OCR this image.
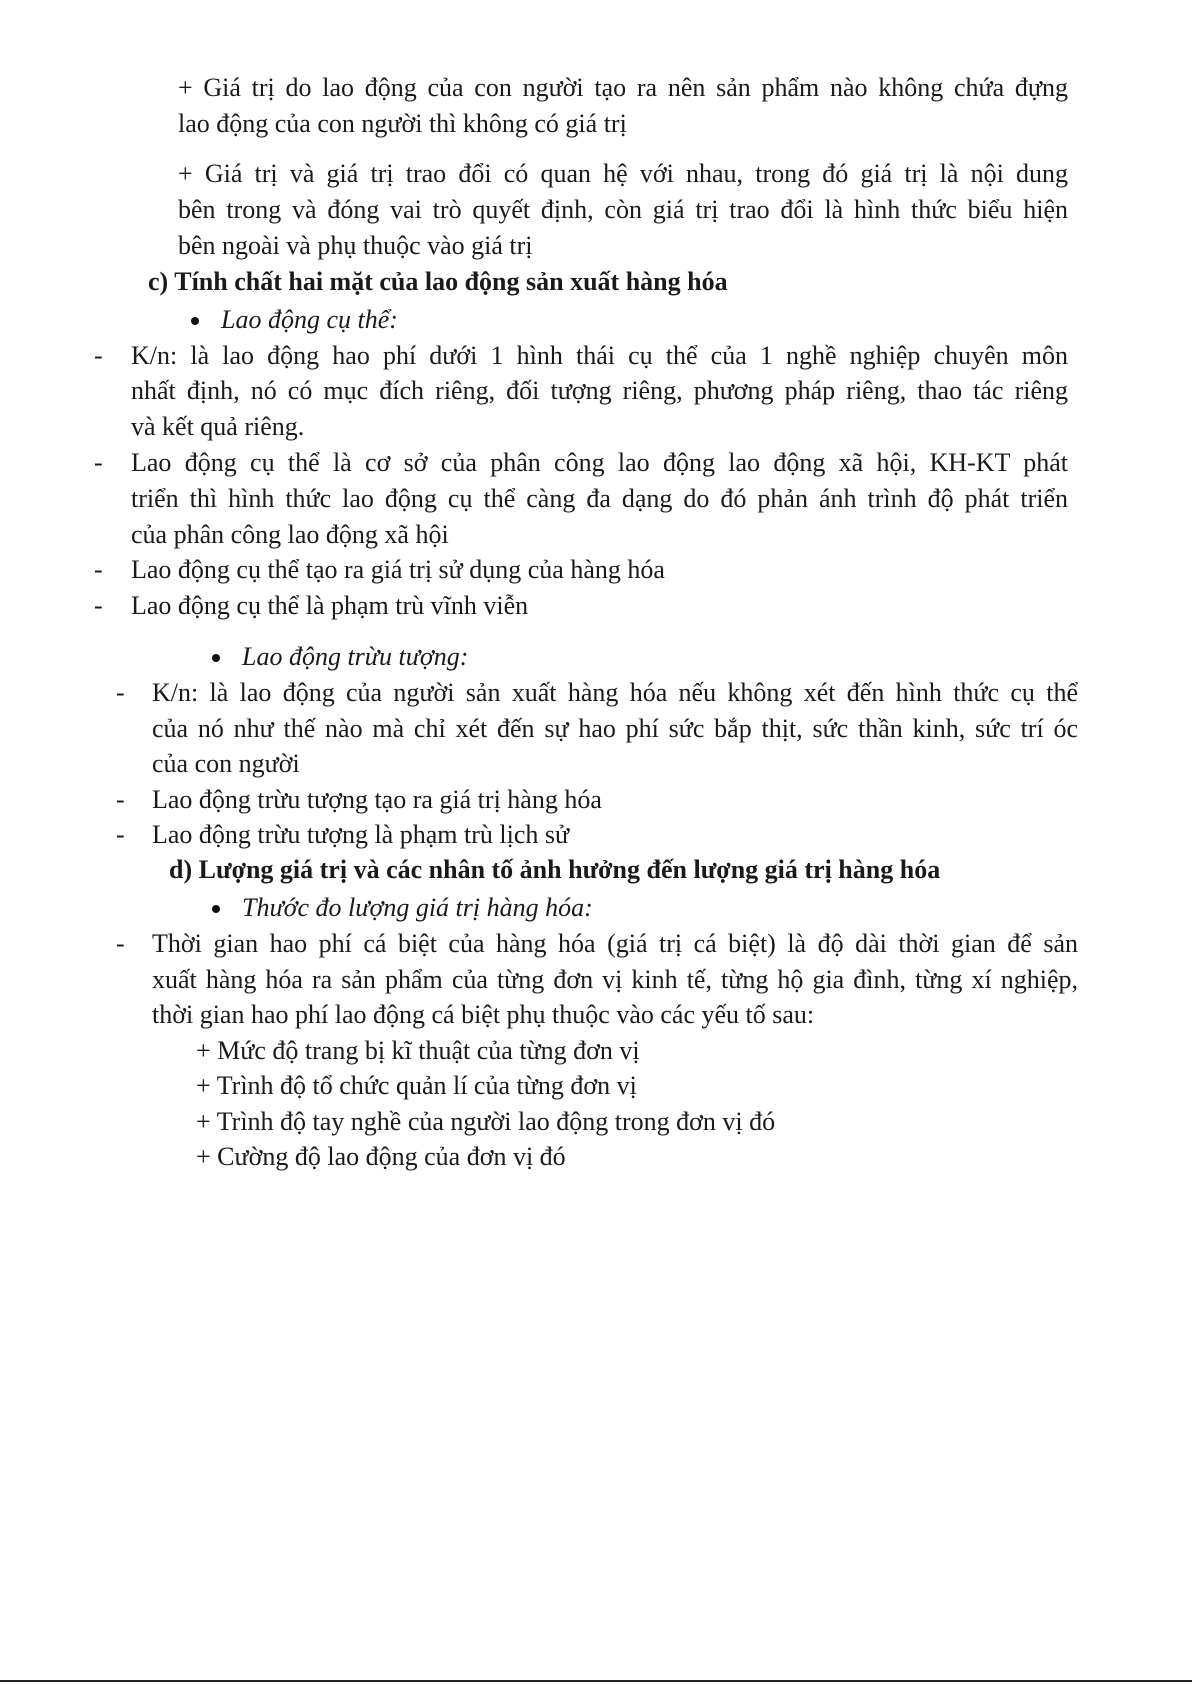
+ Giá trị do lao động của con người tạo ra nên sản phẩm nào không chứa đựng
lao động của con người thì không có giá trị
+ Giá trị và giá trị trao đổi có quan hệ với nhau, trong đó giá trị là nội dung
bên trong và đóng vai trò quyết định, còn giá trị trao đổi là hình thức biểu hiện
bên ngoài và phụ thuộc vào giá trị
c) Tính chất hai mặt của lao động sản xuất hàng hóa
Lao động cụ thể:
- K/n: là lao động hao phí dưới 1 hình thái cụ thể của 1 nghề nghiệp chuyên môn
nhất định, nó có mục đích riêng, đối tượng riêng, phương pháp riêng, thao tác riêng
và kết quả riêng.
- Lao động cụ thể là cơ sở của phân công lao động lao động xã hội, KH-KT phát
triển thì hình thức lao động cụ thể càng đa dạng do đó phản ánh trình độ phát triển
của phân công lao động xã hội
- Lao động cụ thể tạo ra giá trị sử dụng của hàng hóa
- Lao động cụ thể là phạm trù vĩnh viễn
Lao động trừu tượng:
- K/n: là lao động của người sản xuất hàng hóa nếu không xét đến hình thức cụ thể
của nó như thế nào mà chỉ xét đến sự hao phí sức bắp thịt, sức thần kinh, sức trí óc
của con người
- Lao động trừu tượng tạo ra giá trị hàng hóa
- Lao động trừu tượng là phạm trù lịch sử
d) Lượng giá trị và các nhân tố ảnh hưởng đến lượng giá trị hàng hóa
Thước đo lượng giá trị hàng hóa:
- Thời gian hao phí cá biệt của hàng hóa (giá trị cá biệt) là độ dài thời gian để sản
xuất hàng hóa ra sản phẩm của từng đơn vị kinh tế, từng hộ gia đình, từng xí nghiệp,
thời gian hao phí lao động cá biệt phụ thuộc vào các yếu tố sau:
+ Mức độ trang bị kĩ thuật của từng đơn vị
+ Trình độ tổ chức quản lí của từng đơn vị
+ Trình độ tay nghề của người lao động trong đơn vị đó
+ Cường độ lao động của đơn vị đó
